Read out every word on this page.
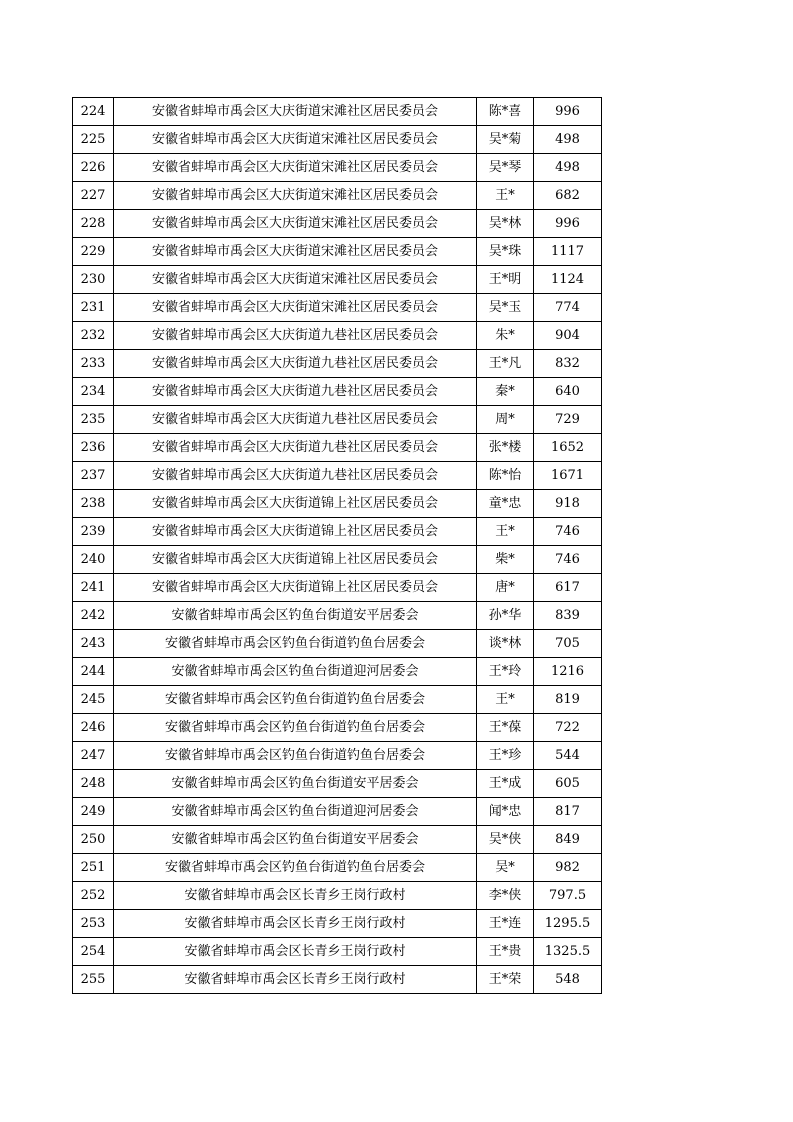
224	安徽省蚌埠市禹会区大庆街道宋滩社区居民委员会	陈*喜	996
225	安徽省蚌埠市禹会区大庆街道宋滩社区居民委员会	吴*菊	498
226	安徽省蚌埠市禹会区大庆街道宋滩社区居民委员会	吴*琴	498
227	安徽省蚌埠市禹会区大庆街道宋滩社区居民委员会	王*	682
228	安徽省蚌埠市禹会区大庆街道宋滩社区居民委员会	吴*林	996
229	安徽省蚌埠市禹会区大庆街道宋滩社区居民委员会	吴*珠	1117
230	安徽省蚌埠市禹会区大庆街道宋滩社区居民委员会	王*明	1124
231	安徽省蚌埠市禹会区大庆街道宋滩社区居民委员会	吴*玉	774
232	安徽省蚌埠市禹会区大庆街道九巷社区居民委员会	朱*	904
233	安徽省蚌埠市禹会区大庆街道九巷社区居民委员会	王*凡	832
234	安徽省蚌埠市禹会区大庆街道九巷社区居民委员会	秦*	640
235	安徽省蚌埠市禹会区大庆街道九巷社区居民委员会	周*	729
236	安徽省蚌埠市禹会区大庆街道九巷社区居民委员会	张*楼	1652
237	安徽省蚌埠市禹会区大庆街道九巷社区居民委员会	陈*怡	1671
238	安徽省蚌埠市禹会区大庆街道锦上社区居民委员会	童*忠	918
239	安徽省蚌埠市禹会区大庆街道锦上社区居民委员会	王*	746
240	安徽省蚌埠市禹会区大庆街道锦上社区居民委员会	柴*	746
241	安徽省蚌埠市禹会区大庆街道锦上社区居民委员会	唐*	617
242	安徽省蚌埠市禹会区钓鱼台街道安平居委会	孙*华	839
243	安徽省蚌埠市禹会区钓鱼台街道钓鱼台居委会	谈*林	705
244	安徽省蚌埠市禹会区钓鱼台街道迎河居委会	王*玲	1216
245	安徽省蚌埠市禹会区钓鱼台街道钓鱼台居委会	王*	819
246	安徽省蚌埠市禹会区钓鱼台街道钓鱼台居委会	王*葆	722
247	安徽省蚌埠市禹会区钓鱼台街道钓鱼台居委会	王*珍	544
248	安徽省蚌埠市禹会区钓鱼台街道安平居委会	王*成	605
249	安徽省蚌埠市禹会区钓鱼台街道迎河居委会	闻*忠	817
250	安徽省蚌埠市禹会区钓鱼台街道安平居委会	吴*侠	849
251	安徽省蚌埠市禹会区钓鱼台街道钓鱼台居委会	吴*	982
252	安徽省蚌埠市禹会区长青乡王岗行政村	李*侠	797.5
253	安徽省蚌埠市禹会区长青乡王岗行政村	王*连	1295.5
254	安徽省蚌埠市禹会区长青乡王岗行政村	王*贵	1325.5
255	安徽省蚌埠市禹会区长青乡王岗行政村	王*荣	548
